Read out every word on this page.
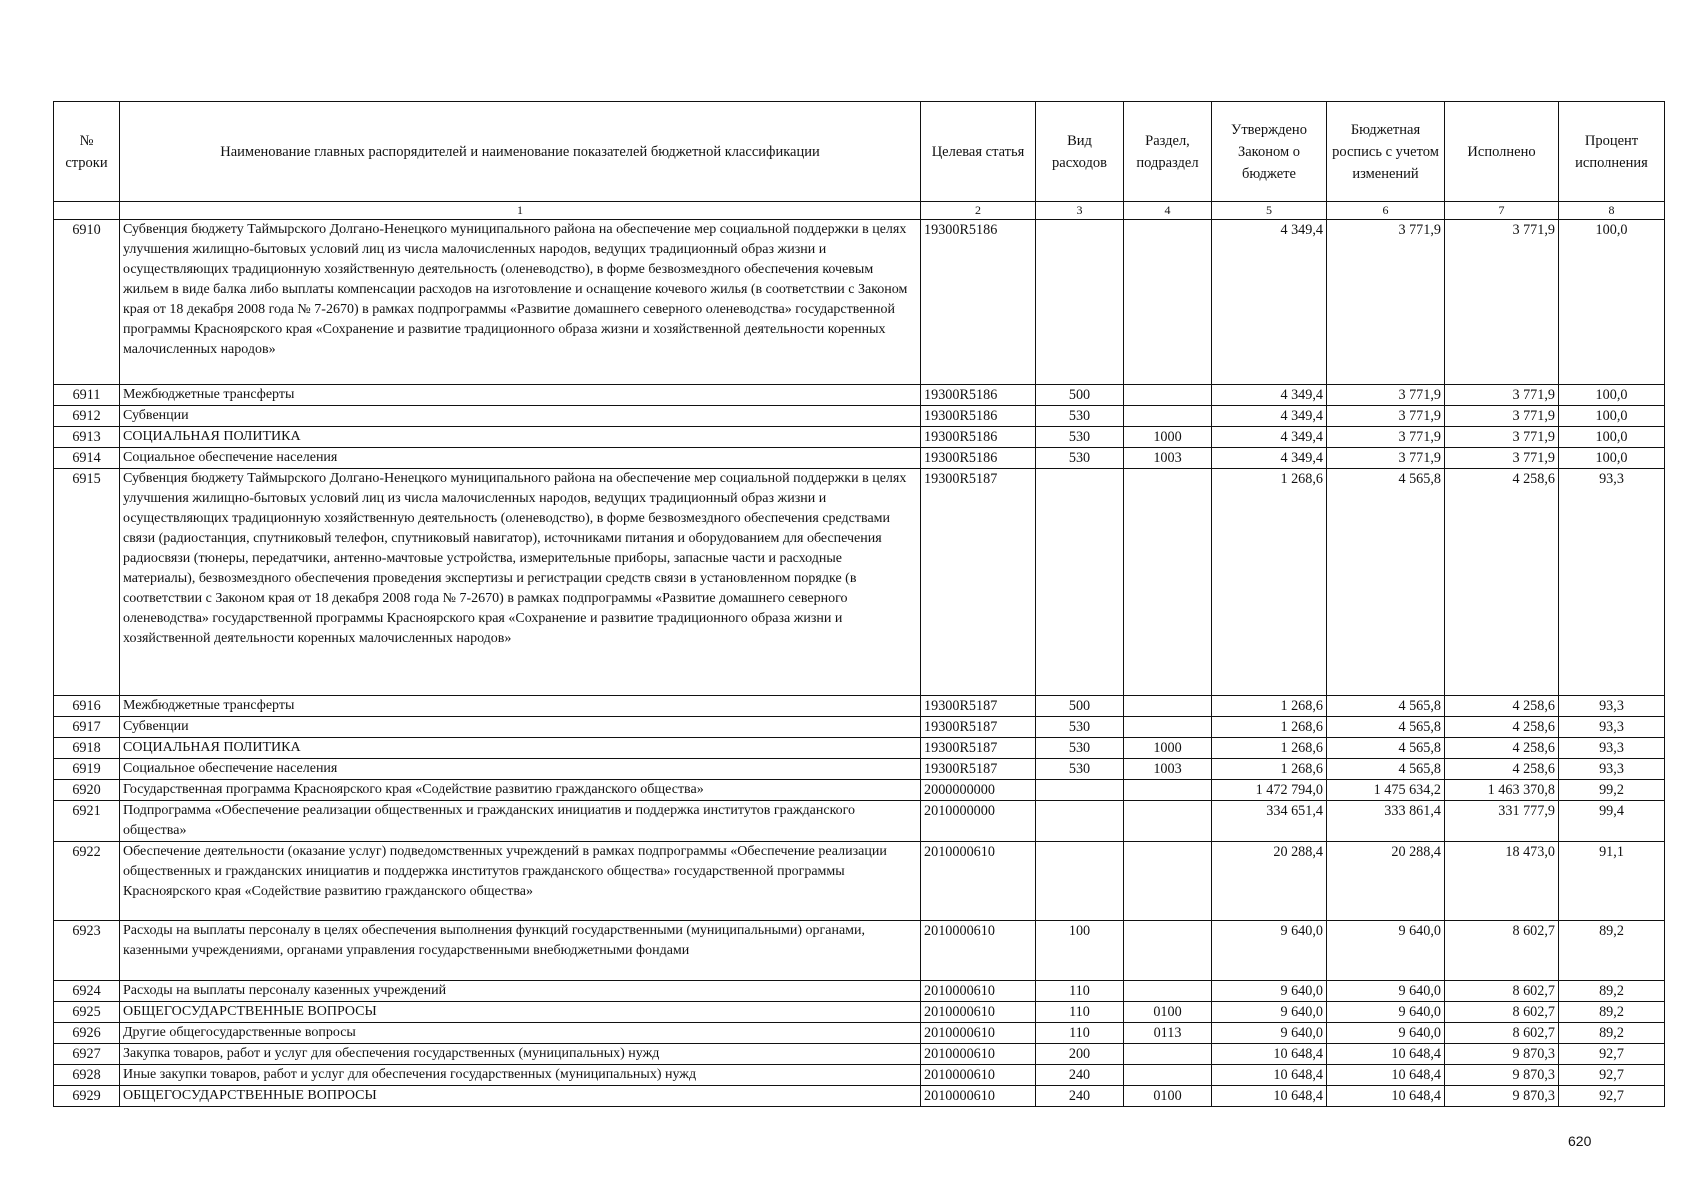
№ строки	Наименование главных распорядителей и наименование показателей бюджетной классификации	Целевая статья	Вид расходов	Раздел, подраздел	Утверждено Законом о бюджете	Бюджетная роспись с учетом изменений	Исполнено	Процент исполнения
	1	2	3	4	5	6	7	8
6910	Субвенция бюджету Таймырского Долгано-Ненецкого муниципального района на обеспечение мер социальной поддержки в целях улучшения жилищно-бытовых условий лиц из числа малочисленных народов, ведущих традиционный образ жизни и осуществляющих традиционную хозяйственную деятельность (оленеводство), в форме безвозмездного обеспечения кочевым жильем в виде балка либо выплаты компенсации расходов на изготовление и оснащение кочевого жилья (в соответствии с Законом края от 18 декабря 2008 года № 7-2670) в рамках подпрограммы «Развитие домашнего северного оленеводства» государственной программы Красноярского края «Сохранение и развитие традиционного образа жизни и хозяйственной деятельности коренных малочисленных народов»	19300R5186			4 349,4	3 771,9	3 771,9	100,0
6911	Межбюджетные трансферты	19300R5186	500		4 349,4	3 771,9	3 771,9	100,0
6912	Субвенции	19300R5186	530		4 349,4	3 771,9	3 771,9	100,0
6913	СОЦИАЛЬНАЯ ПОЛИТИКА	19300R5186	530	1000	4 349,4	3 771,9	3 771,9	100,0
6914	Социальное обеспечение населения	19300R5186	530	1003	4 349,4	3 771,9	3 771,9	100,0
6915	Субвенция бюджету Таймырского Долгано-Ненецкого муниципального района на обеспечение мер социальной поддержки в целях улучшения жилищно-бытовых условий лиц из числа малочисленных народов, ведущих традиционный образ жизни и осуществляющих традиционную хозяйственную деятельность (оленеводство), в форме безвозмездного обеспечения средствами связи (радиостанция, спутниковый телефон, спутниковый навигатор), источниками питания и оборудованием для обеспечения радиосвязи (тюнеры, передатчики, антенно-мачтовые устройства, измерительные приборы, запасные части и расходные материалы), безвозмездного обеспечения проведения экспертизы и регистрации средств связи в установленном порядке (в соответствии с Законом края от 18 декабря 2008 года № 7-2670) в рамках подпрограммы «Развитие домашнего северного оленеводства» государственной программы Красноярского края «Сохранение и развитие традиционного образа жизни и хозяйственной деятельности коренных малочисленных народов»	19300R5187			1 268,6	4 565,8	4 258,6	93,3
6916	Межбюджетные трансферты	19300R5187	500		1 268,6	4 565,8	4 258,6	93,3
6917	Субвенции	19300R5187	530		1 268,6	4 565,8	4 258,6	93,3
6918	СОЦИАЛЬНАЯ ПОЛИТИКА	19300R5187	530	1000	1 268,6	4 565,8	4 258,6	93,3
6919	Социальное обеспечение населения	19300R5187	530	1003	1 268,6	4 565,8	4 258,6	93,3
6920	Государственная программа Красноярского края «Содействие развитию гражданского общества»	2000000000			1 472 794,0	1 475 634,2	1 463 370,8	99,2
6921	Подпрограмма «Обеспечение реализации общественных и гражданских инициатив и поддержка институтов гражданского общества»	2010000000			334 651,4	333 861,4	331 777,9	99,4
6922	Обеспечение деятельности (оказание услуг) подведомственных учреждений в рамках подпрограммы «Обеспечение реализации общественных и гражданских инициатив и поддержка институтов гражданского общества» государственной программы Красноярского края «Содействие развитию гражданского общества»	2010000610			20 288,4	20 288,4	18 473,0	91,1
6923	Расходы на выплаты персоналу в целях обеспечения выполнения функций государственными (муниципальными) органами, казенными учреждениями, органами управления государственными внебюджетными фондами	2010000610	100		9 640,0	9 640,0	8 602,7	89,2
6924	Расходы на выплаты персоналу казенных учреждений	2010000610	110		9 640,0	9 640,0	8 602,7	89,2
6925	ОБЩЕГОСУДАРСТВЕННЫЕ ВОПРОСЫ	2010000610	110	0100	9 640,0	9 640,0	8 602,7	89,2
6926	Другие общегосударственные вопросы	2010000610	110	0113	9 640,0	9 640,0	8 602,7	89,2
6927	Закупка товаров, работ и услуг для обеспечения государственных (муниципальных) нужд	2010000610	200		10 648,4	10 648,4	9 870,3	92,7
6928	Иные закупки товаров, работ и услуг для обеспечения государственных (муниципальных) нужд	2010000610	240		10 648,4	10 648,4	9 870,3	92,7
6929	ОБЩЕГОСУДАРСТВЕННЫЕ ВОПРОСЫ	2010000610	240	0100	10 648,4	10 648,4	9 870,3	92,7
620
